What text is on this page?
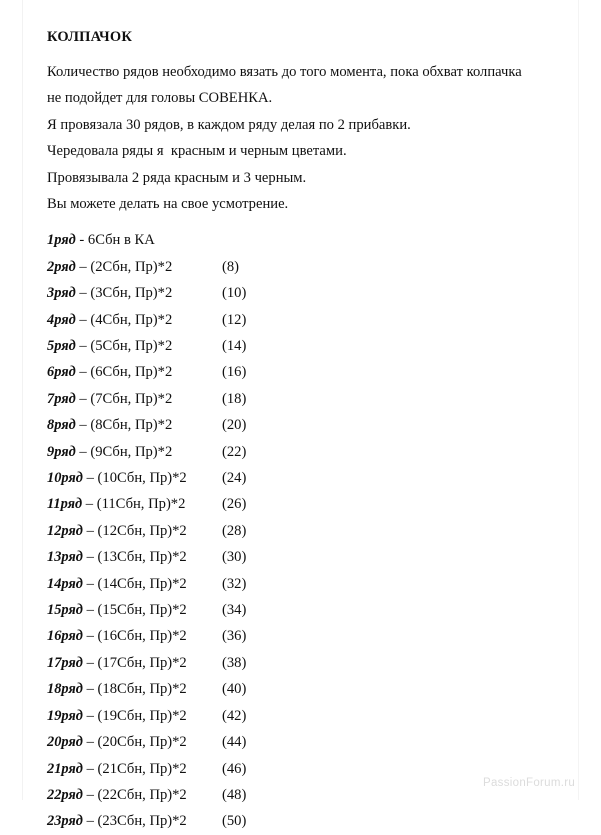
КОЛПАЧОК

Количество рядов необходимо вязать до того момента, пока обхват колпачка

не подойдет для головы СОВЕНКА.

Я провязала 30 рядов, в каждом ряду делая по 2 прибавки.

Чередовала ряды я  красным и черным цветами.

Провязывала 2 ряда красным и 3 черным.

Вы можете делать на свое усмотрение.

1ряд - 6Сбн в КА
2ряд – (2Сбн, Пр)*2	(8)
3ряд – (3Сбн, Пр)*2	(10)
4ряд – (4Сбн, Пр)*2	(12)
5ряд – (5Сбн, Пр)*2	(14)
6ряд – (6Сбн, Пр)*2	(16)
7ряд – (7Сбн, Пр)*2	(18)
8ряд – (8Сбн, Пр)*2	(20)
9ряд – (9Сбн, Пр)*2	(22)
10ряд – (10Сбн, Пр)*2 (24)
11ряд – (11Сбн, Пр)*2	(26)
12ряд – (12Сбн, Пр)*2 (28)
13ряд – (13Сбн, Пр)*2 (30)
14ряд – (14Сбн, Пр)*2 (32)
15ряд – (15Сбн, Пр)*2 (34)
16ряд – (16Сбн, Пр)*2 (36)
17ряд – (17Сбн, Пр)*2 (38)
18ряд – (18Сбн, Пр)*2 (40)
19ряд – (19Сбн, Пр)*2 (42)
20ряд – (20Сбн, Пр)*2 (44)
21ряд – (21Сбн, Пр)*2 (46)
22ряд – (22Сбн, Пр)*2 (48)
23ряд – (23Сбн, Пр)*2 (50)
PassionForum.ru
